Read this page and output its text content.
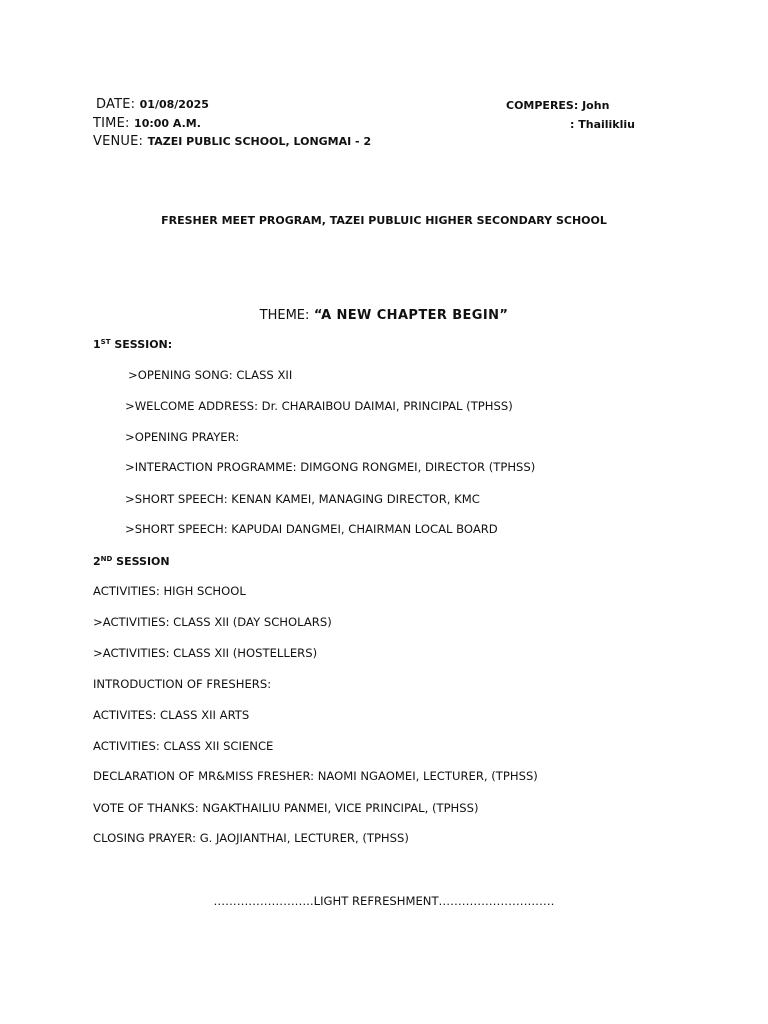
DATE: 01/08/2025	COMPERES: John
TIME: 10:00 A.M.	: Thailikliu
VENUE: TAZEI PUBLIC SCHOOL, LONGMAI - 2
FRESHER MEET PROGRAM, TAZEI PUBLUIC HIGHER SECONDARY SCHOOL
THEME: “A NEW CHAPTER BEGIN”
1ST SESSION:
>OPENING SONG: CLASS XII
>WELCOME ADDRESS: Dr. CHARAIBOU DAIMAI, PRINCIPAL (TPHSS)
>OPENING PRAYER:
>INTERACTION PROGRAMME: DIMGONG RONGMEI, DIRECTOR (TPHSS)
>SHORT SPEECH: KENAN KAMEI, MANAGING DIRECTOR, KMC
>SHORT SPEECH: KAPUDAI DANGMEI, CHAIRMAN LOCAL BOARD
2ND SESSION
ACTIVITIES: HIGH SCHOOL
>ACTIVITIES: CLASS XII (DAY SCHOLARS)
>ACTIVITIES: CLASS XII (HOSTELLERS)
INTRODUCTION OF FRESHERS:
ACTIVITES: CLASS XII ARTS
ACTIVITIES: CLASS XII SCIENCE
DECLARATION OF MR&MISS FRESHER: NAOMI NGAOMEI, LECTURER, (TPHSS)
VOTE OF THANKS: NGAKTHAILIU PANMEI, VICE PRINCIPAL, (TPHSS)
CLOSING PRAYER: G. JAOJIANTHAI, LECTURER, (TPHSS)
……………………..LIGHT REFRESHMENT…………………………
